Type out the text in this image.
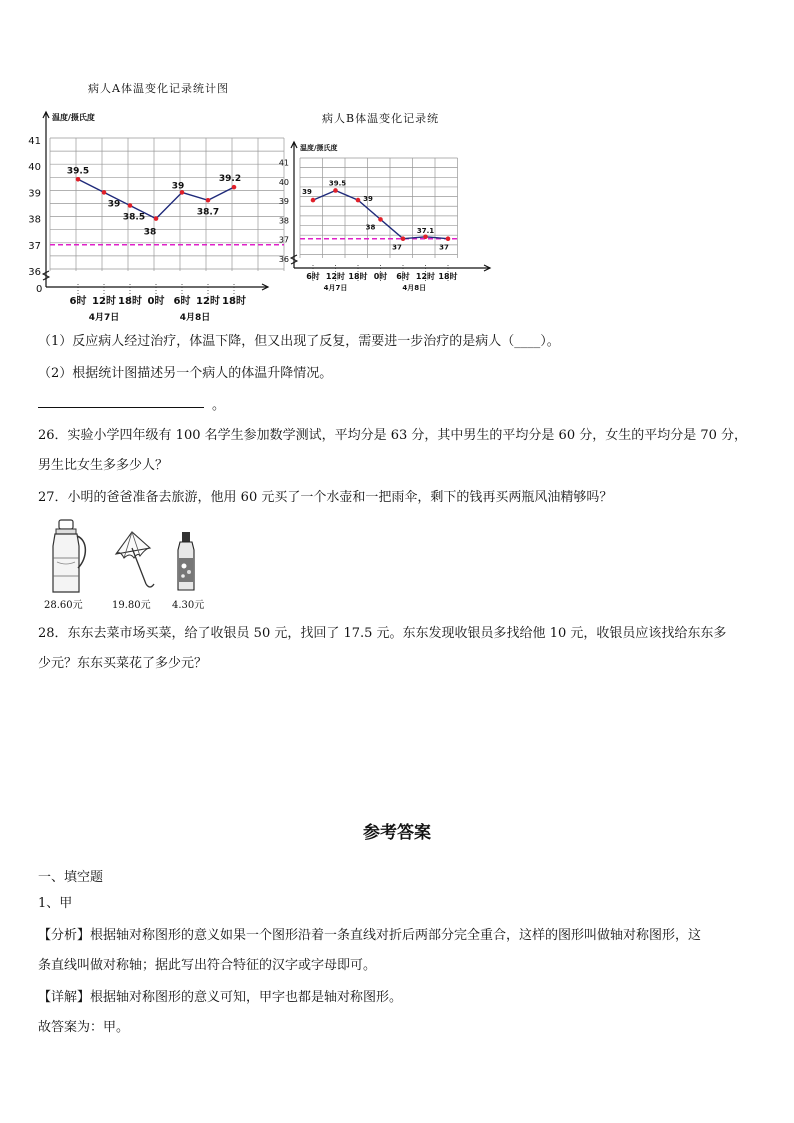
病人A体温变化记录统计图
温度/摄氏度
36
37
38
39
40
41
0
39.5
39
38.5
38
39
38.7
39.2
6时 12时 18时 0时 6时 12时 18时
4月7日	4月8日
病人B体温变化记录统
温度/摄氏度
36
37
38
39
40
41
39
39.5
39
38
37
37.1
37
6时 12时 18时 0时 6时 12时 18时
4月7日	4月8日
（1）反应病人经过治疗，体温下降，但又出现了反复，需要进一步治疗的是病人（____）。
（2）根据统计图描述另一个病人的体温升降情况。
。
26．实验小学四年级有 100 名学生参加数学测试，平均分是 63 分，其中男生的平均分是 60 分，女生的平均分是 70 分，
男生比女生多多少人？
27．小明的爸爸准备去旅游，他用 60 元买了一个水壶和一把雨伞，剩下的钱再买两瓶风油精够吗？
28.60元	19.80元 4.30元
28．东东去菜市场买菜，给了收银员 50 元，找回了 17.5 元。东东发现收银员多找给他 10 元，收银员应该找给东东多
少元？东东买菜花了多少元？
参考答案
一、填空题
1、甲
【分析】根据轴对称图形的意义如果一个图形沿着一条直线对折后两部分完全重合，这样的图形叫做轴对称图形，这
条直线叫做对称轴；据此写出符合特征的汉字或字母即可。
【详解】根据轴对称图形的意义可知，甲字也都是轴对称图形。
故答案为：甲。
